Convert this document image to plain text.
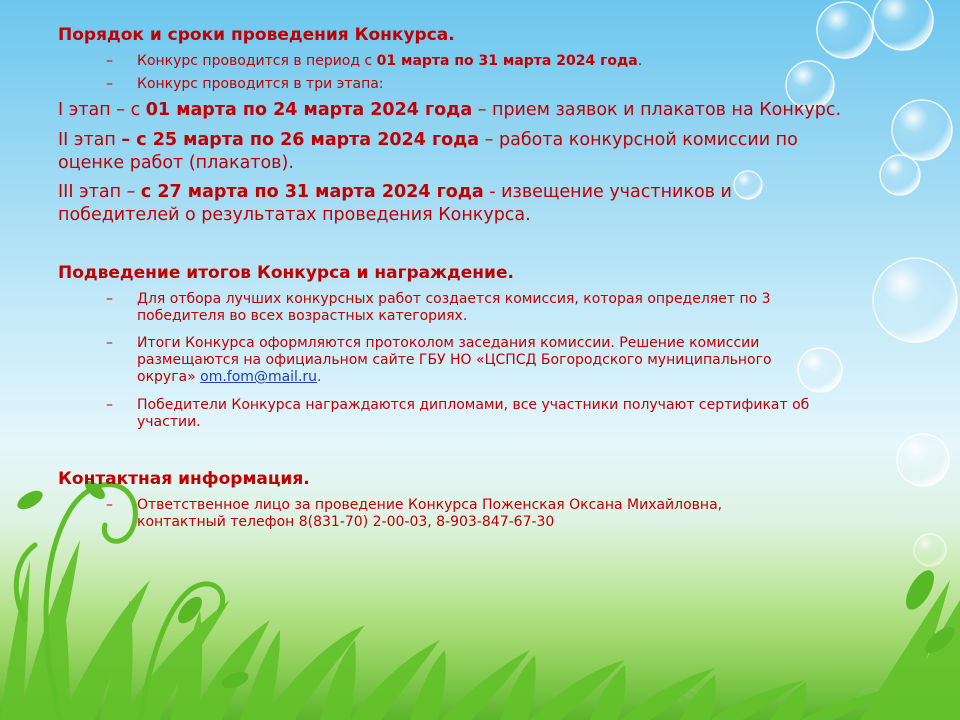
Порядок и сроки проведения Конкурса.

– Конкурс проводится в период с 01 марта по 31 марта 2024 года.

– Конкурс проводится в три этапа:

I этап – с 01 марта по 24 марта 2024 года – прием заявок и плакатов на Конкурс.

II этап – с 25 марта по 26 марта 2024 года – работа конкурсной комиссии по

оценке работ (плакатов).

III этап – с 27 марта по 31 марта 2024 года - извещение участников и

победителей о результатах проведения Конкурса.

Подведение итогов Конкурса и награждение.

– Для отбора лучших конкурсных работ создается комиссия, которая определяет по 3
победителя во всех возрастных категориях.

– Итоги Конкурса оформляются протоколом заседания комиссии. Решение комиссии
размещаются на официальном сайте ГБУ НО «ЦСПСД Богородского муниципального
округа» om.fom@mail.ru.

– Победители Конкурса награждаются дипломами, все участники получают сертификат об
участии.

Контактная информация.

– Ответственное лицо за проведение Конкурса Поженская Оксана Михайловна,
контактный телефон 8(831-70) 2-00-03, 8-903-847-67-30
